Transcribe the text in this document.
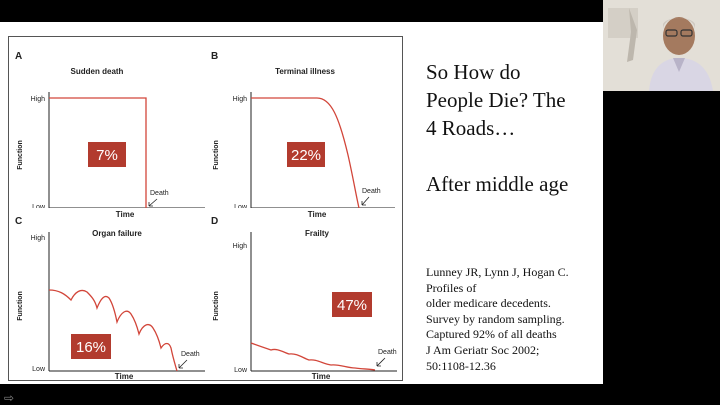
A
Sudden death
High
Low
Function
Death
7%
B
Terminal illness
High
Low
Function
Death
22%
C
Organ failure
High
Low
Function
Death
16%
Time
D
Frailty
High
Low
Function
Death
47%
Time
Time	Time
So How do
People Die? The
4 Roads…
After middle age
Lunney JR, Lynn J, Hogan C.
Profiles of
older medicare decedents.
Survey by random sampling.
Captured 92% of all deaths
J Am Geriatr Soc 2002;
50:1108-12.36
⇨
